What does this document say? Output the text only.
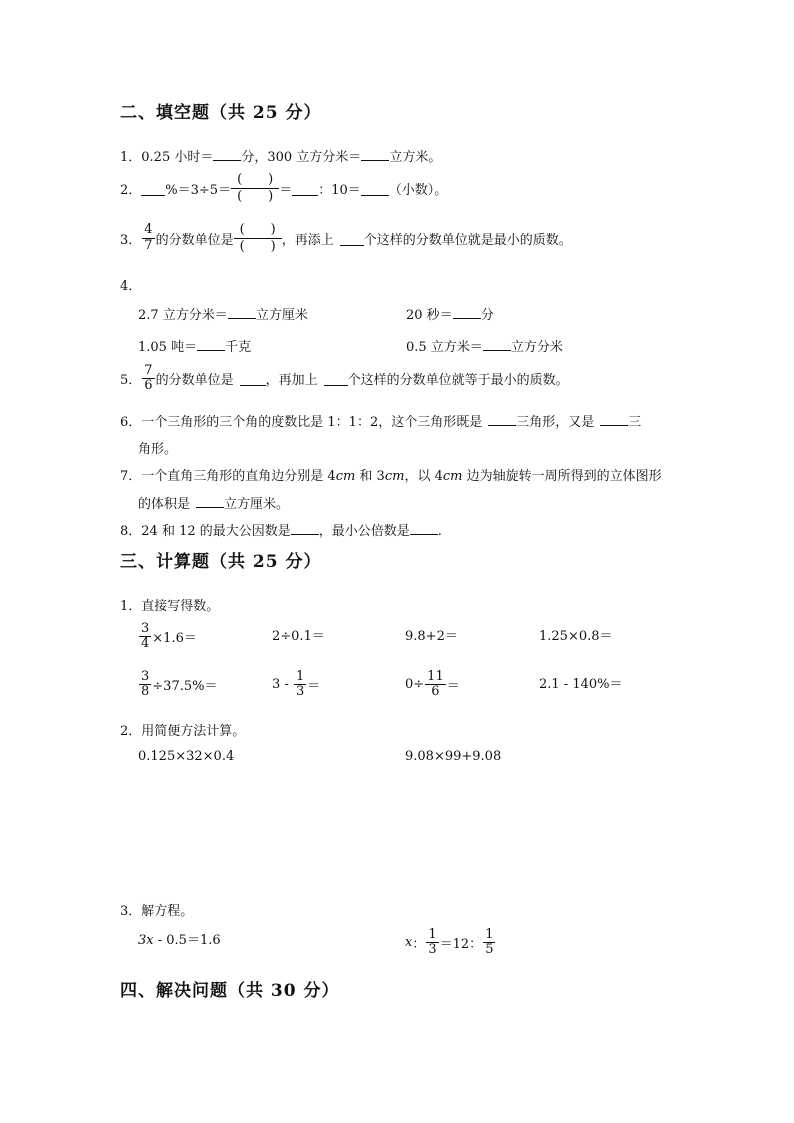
二、填空题（共 25 分）
1．0.25 小时＝ 分，300 立方分米＝ 立方米。
2． $\%=3\div 5= \frac{( )}{( )}$ ＝ ：10＝ （小数）。
3． $\frac{4}{7}$ 的分数单位是 $\frac{( )}{( )}$ ，再添上 个这样的分数单位就是最小的质数。
4．
2.7 立方分米＝ 立方厘米	20 秒＝ 分
1.05 吨＝ 千克	0.5 立方米＝ 立方分米
5． $\frac{7}{6}$ 的分数单位是 ，再加上 个这样的分数单位就等于最小的质数。
6．一个三角形的三个角的度数比是 1：1：2，这个三角形既是	三角形，又是	三
角形。
7．一个直角三角形的直角边分别是 4cm 和 3cm，以 4cm 边为轴旋转一周所得到的立体图形
的体积是	立方厘米。
8．24 和 12 的最大公因数是 ，最小公倍数是 .
三、计算题（共 25 分）
1．直接写得数。
$\frac{3}{4} \times 1.6=$	2÷0.1＝	9.8+2＝	1.25×0.8＝
$\frac{3}{8} \div 37.5\%=$	$3 - \frac{1}{3}$ ＝	$0\div \frac{11}{6}$ ＝	2.1 - 140%＝
2．用简便方法计算。
0.125×32×0.4	9.08×99+9.08
3．解方程。
3x - 0.5＝1.6	x ： $\frac{1}{3} =12$： $\frac{1}{5}$
四、解决问题（共 30 分）
